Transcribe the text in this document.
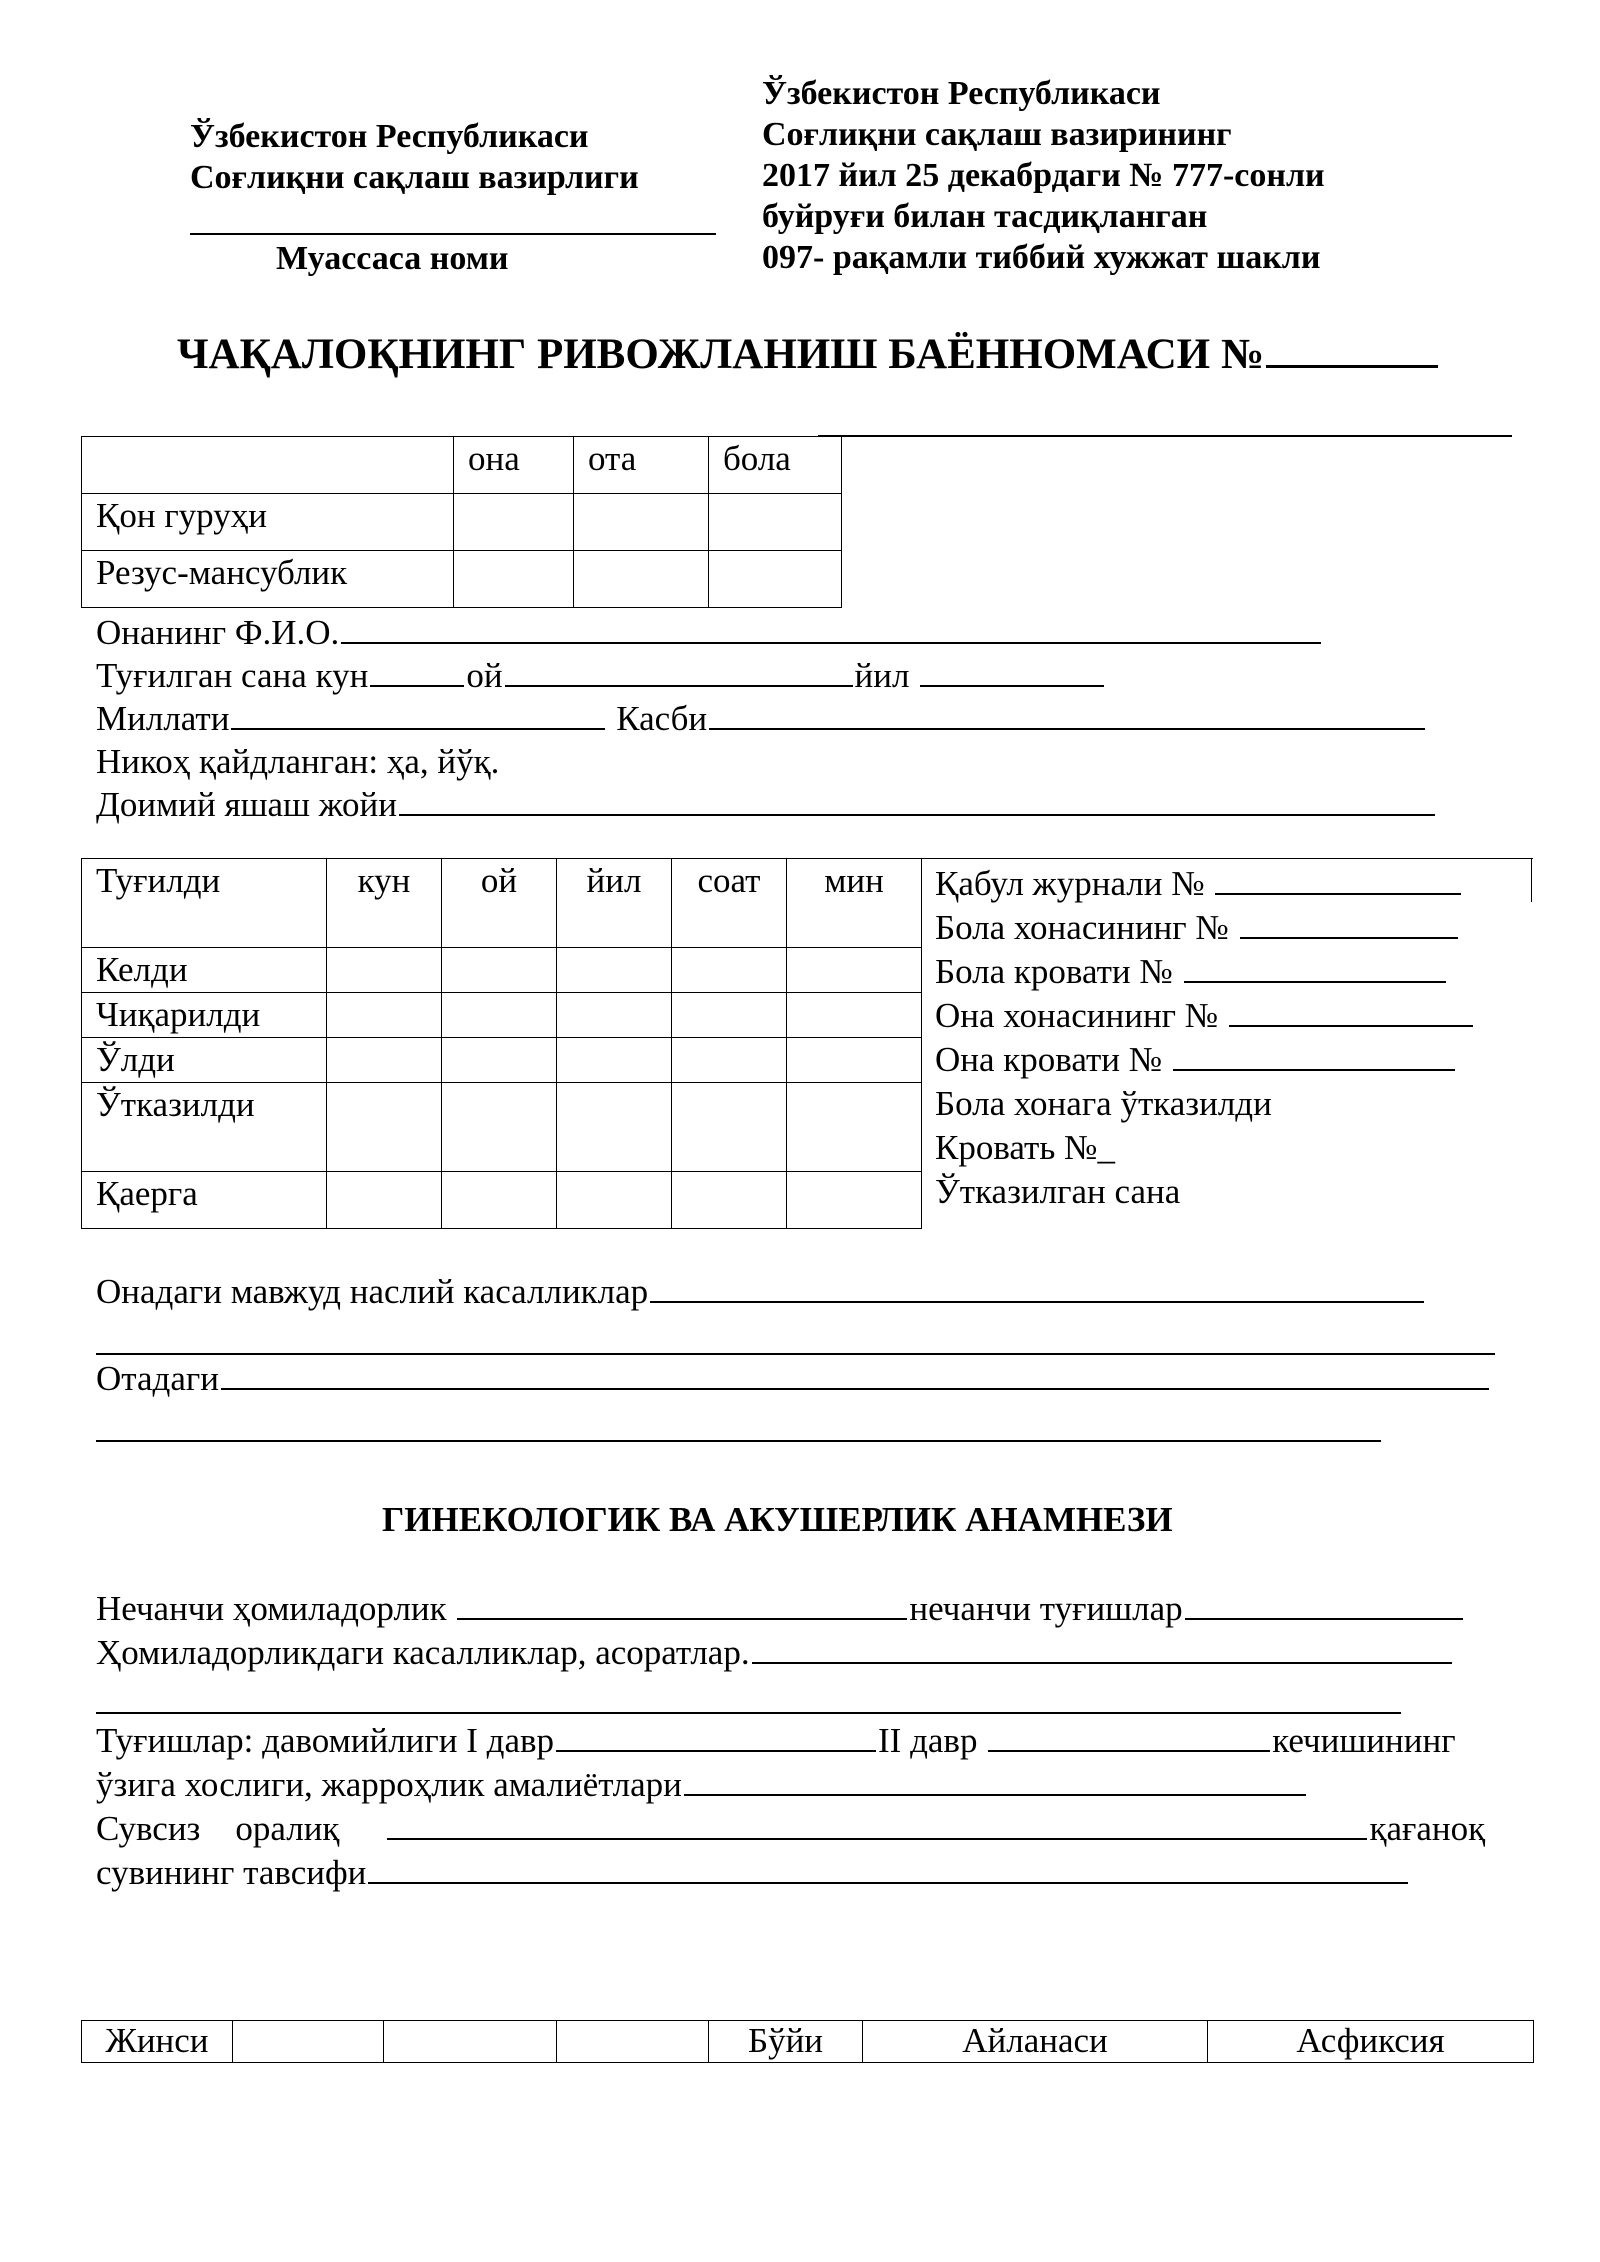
Ўзбекистон Республикаси
Соғлиқни сақлаш вазирлиги
Муассаса номи
Ўзбекистон Республикаси
Соғлиқни сақлаш вазирининг
2017 йил 25 декабрдаги № 777-сонли
буйруғи билан тасдиқланган
097- рақамли тиббий хужжат шакли
ЧАҚАЛОҚНИНГ РИВОЖЛАНИШ БАЁННОМАСИ №
	она	ота	бола
Қон гуруҳи			
Резус-мансублик			
Онанинг Ф.И.О.
Туғилган сана кун	ой	йил
Миллати	Касби
Никоҳ қайдланган: ҳа, йўқ.
Доимий яшаш жойи
Туғилди	кун	ой	йил	соат	мин
Келди					
Чиқарилди					
Ўлди					
Ўтказилди					
Қаерга					
Қабул журнали №
Бола хонасининг №
Бола кровати №
Она хонасининг №
Она кровати №
Бола хонага ўтказилди
Кровать №_
Ўтказилган сана
Онадаги мавжуд наслий касалликлар
Отадаги
ГИНЕКОЛОГИК ВА АКУШЕРЛИК АНАМНЕЗИ
Нечанчи ҳомиладорлик	нечанчи туғишлар
Ҳомиладорликдаги касалликлар, асоратлар.
Туғишлар: давомийлиги I давр	II давр	кечишининг
ўзига хослиги, жарроҳлик амалиётлари
Сувсиз    оралиқ	қағаноқ
сувининг тавсифи
Жинси				Бўйи	Айланаси	Асфиксия
